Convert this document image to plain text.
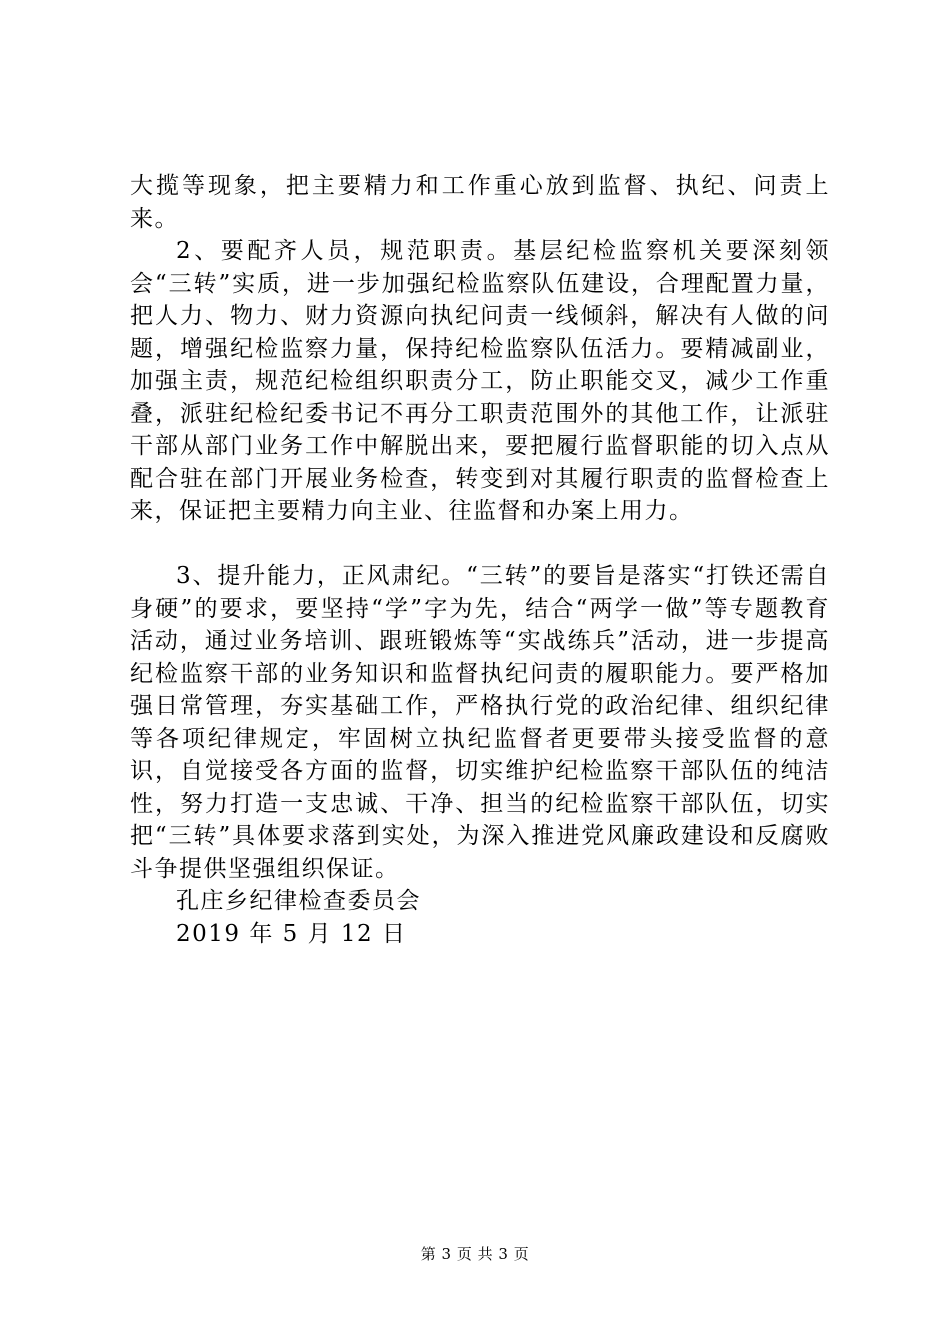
大揽等现象，把主要精力和工作重心放到监督、执纪、问责上来。

2、要配齐人员，规范职责。基层纪检监察机关要深刻领会“三转”实质，进一步加强纪检监察队伍建设，合理配置力量，把人力、物力、财力资源向执纪问责一线倾斜，解决有人做的问题，增强纪检监察力量，保持纪检监察队伍活力。要精减副业，加强主责，规范纪检组织职责分工，防止职能交叉，减少工作重叠，派驻纪检纪委书记不再分工职责范围外的其他工作，让派驻干部从部门业务工作中解脱出来，要把履行监督职能的切入点从配合驻在部门开展业务检查，转变到对其履行职责的监督检查上来，保证把主要精力向主业、往监督和办案上用力。

3、提升能力，正风肃纪。“三转”的要旨是落实“打铁还需自身硬”的要求，要坚持“学”字为先，结合“两学一做”等专题教育活动，通过业务培训、跟班锻炼等“实战练兵”活动，进一步提高纪检监察干部的业务知识和监督执纪问责的履职能力。要严格加强日常管理，夯实基础工作，严格执行党的政治纪律、组织纪律等各项纪律规定，牢固树立执纪监督者更要带头接受监督的意识，自觉接受各方面的监督，切实维护纪检监察干部队伍的纯洁性，努力打造一支忠诚、干净、担当的纪检监察干部队伍，切实把“三转”具体要求落到实处，为深入推进党风廉政建设和反腐败斗争提供坚强组织保证。

孔庄乡纪律检查委员会

2019 年 5 月 12 日

第 3 页 共 3 页
